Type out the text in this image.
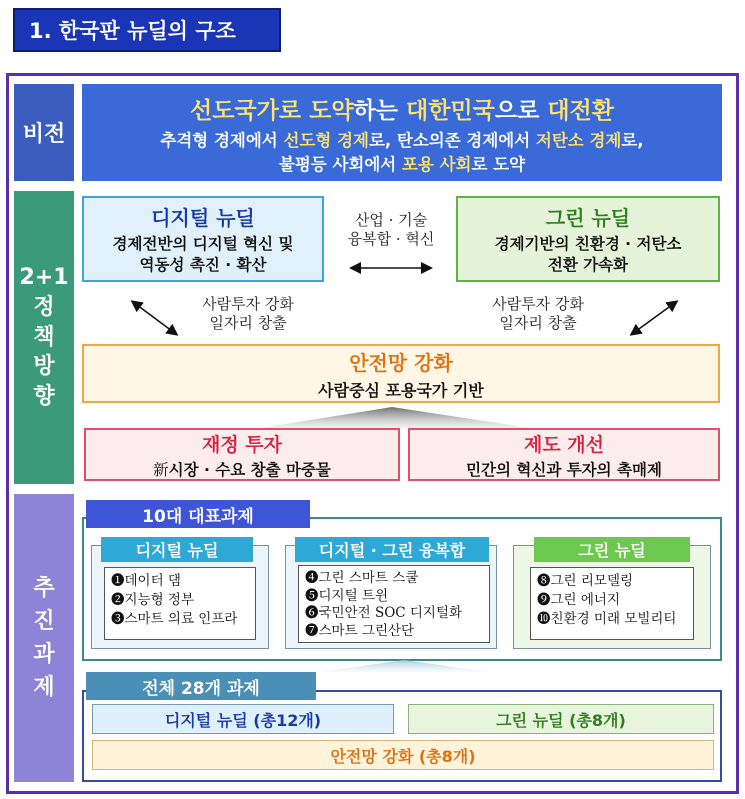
1. 한국판 뉴딜의 구조
비전
2+1
정
책
방
향
추
진
과
제
선도국가로 도약하는 대한민국으로 대전환
추격형 경제에서 선도형 경제로, 탄소의존 경제에서 저탄소 경제로,
불평등 사회에서 포용 사회로 도약
디지털 뉴딜
경제전반의 디지털 혁신 및
역동성 촉진 · 확산
그린 뉴딜
경제기반의 친환경 · 저탄소
전환 가속화
산업 · 기술
융복합 · 혁신
사람투자 강화
일자리 창출
사람투자 강화
일자리 창출
안전망 강화
사람중심 포용국가 기반
재정 투자
新시장 · 수요 창출 마중물
제도 개선
민간의 혁신과 투자의 촉매제
10대 대표과제
디지털 뉴딜
❶데이터 댐
❷지능형 정부
❸스마트 의료 인프라
디지털 · 그린 융복합
❹그린 스마트 스쿨
❺디지털 트윈
❻국민안전 SOC 디지털화
❼스마트 그린산단
그린 뉴딜
❽그린 리모델링
❾그린 에너지
❿친환경 미래 모빌리티
전체 28개 과제
디지털 뉴딜 (총12개)	그린 뉴딜 (총8개)
안전망 강화 (총8개)
